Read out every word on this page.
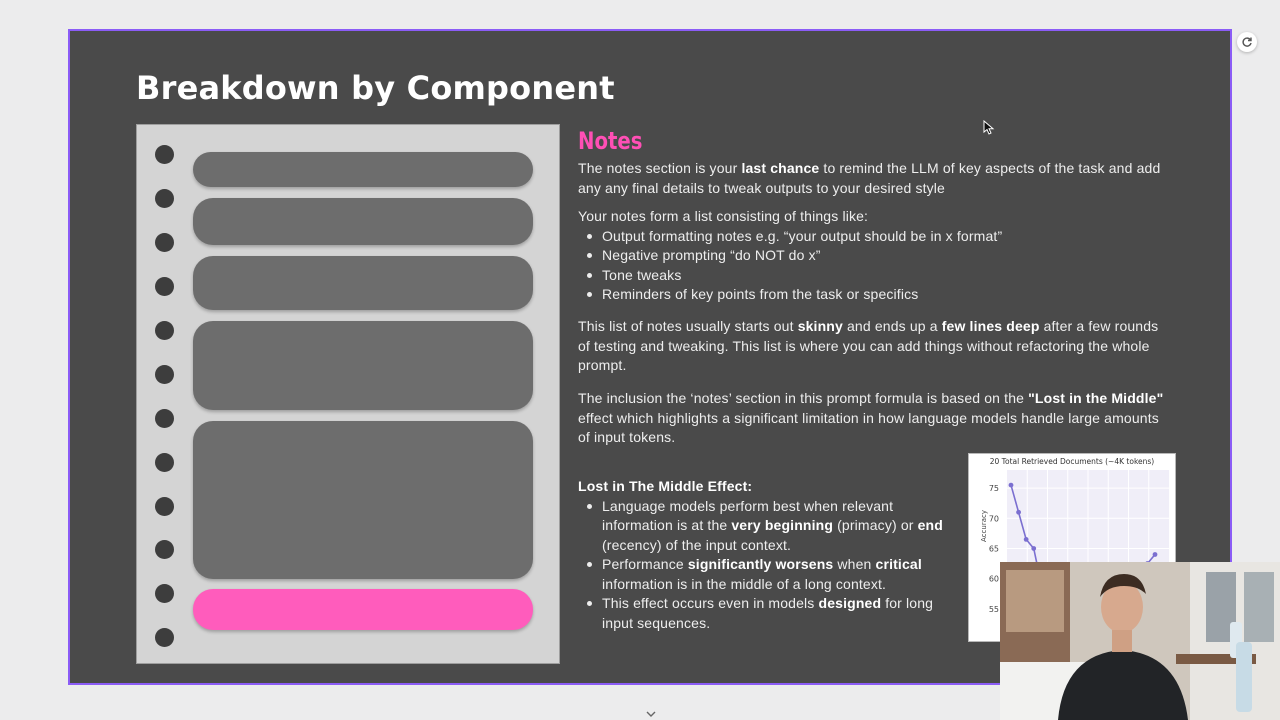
Breakdown by Component
Notes
The notes section is your last chance to remind the LLM of key aspects of the task and add any any final details to tweak outputs to your desired style
Your notes form a list consisting of things like:
Output formatting notes e.g. “your output should be in x format”
Negative prompting “do NOT do x”
Tone tweaks
Reminders of key points from the task or specifics
This list of notes usually starts out skinny and ends up a few lines deep after a few rounds of testing and tweaking. This list is where you can add things without refactoring the whole prompt.
The inclusion the ‘notes’ section in this prompt formula is based on the "Lost in the Middle" effect which highlights a significant limitation in how language models handle large amounts of input tokens.
Lost in The Middle Effect:
Language models perform best when relevant information is at the very beginning (primacy) or end (recency) of the input context.
Performance significantly worsens when critical information is in the middle of a long context.
This effect occurs even in models designed for long input sequences.
75
70
65
60
55
20 Total Retrieved Documents (~4K tokens)
Accuracy
